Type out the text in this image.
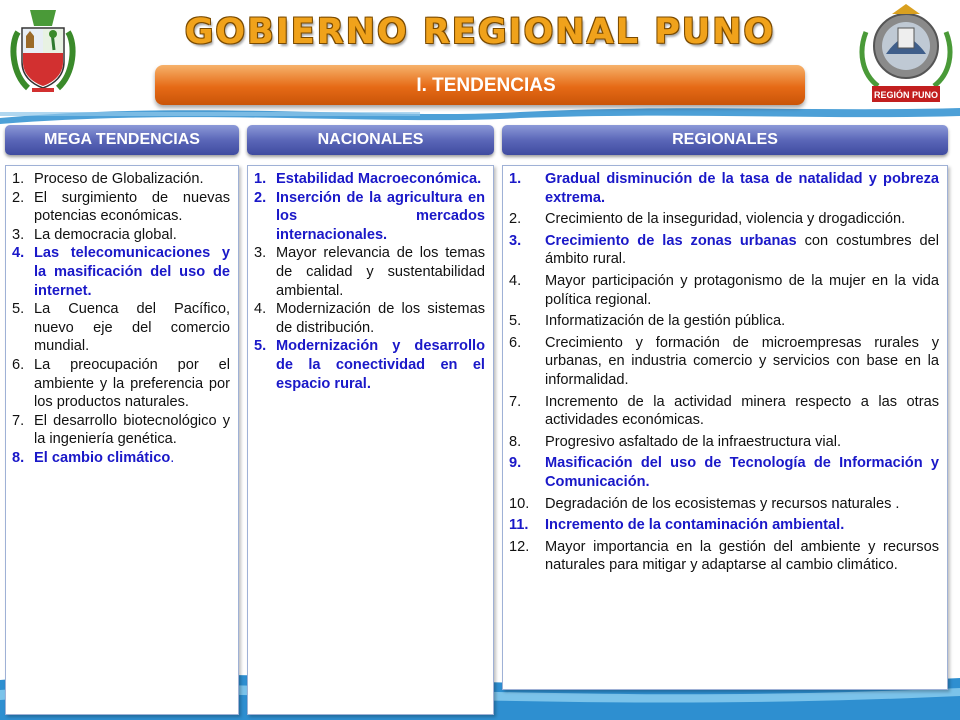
REGIÓN PUNO
GOBIERNO REGIONAL PUNO
I. TENDENCIAS
MEGA TENDENCIAS	NACIONALES	REGIONALES
1. Proceso de Globalización.
2. El surgimiento de nuevas potencias económicas.
3. La democracia global.
4. Las telecomunicaciones y la masificación del uso de internet.
5. La Cuenca del Pacífico, nuevo eje del comercio mundial.
6. La preocupación por el ambiente y la preferencia por los productos naturales.
7. El desarrollo biotecnológico y la ingeniería genética.
8. El cambio climático.
1. Estabilidad Macroeconómica.
2. Inserción de la agricultura en los mercados internacionales.
3. Mayor relevancia de los temas de calidad y sustentabilidad ambiental.
4. Modernización de los sistemas de distribución.
5. Modernización y desarrollo de la conectividad en el espacio rural.
1.	Gradual disminución de la tasa de natalidad y pobreza extrema.
2.	Crecimiento de la inseguridad, violencia y drogadicción.
3.	Crecimiento de las zonas urbanas con costumbres del ámbito rural.
4.	Mayor participación y protagonismo de la mujer en la vida política regional.
5.	Informatización de la gestión pública.
6.	Crecimiento y formación de microempresas rurales y urbanas, en industria comercio y servicios con base en la informalidad.
7.	Incremento de la actividad minera respecto a las otras actividades económicas.
8.	Progresivo asfaltado de la infraestructura vial.
9.	Masificación del uso de Tecnología de Información y Comunicación.
10.	Degradación de los ecosistemas y recursos naturales .
11.	Incremento de la contaminación ambiental.
12.	Mayor importancia en la gestión del ambiente y recursos naturales para mitigar y adaptarse al cambio climático.
